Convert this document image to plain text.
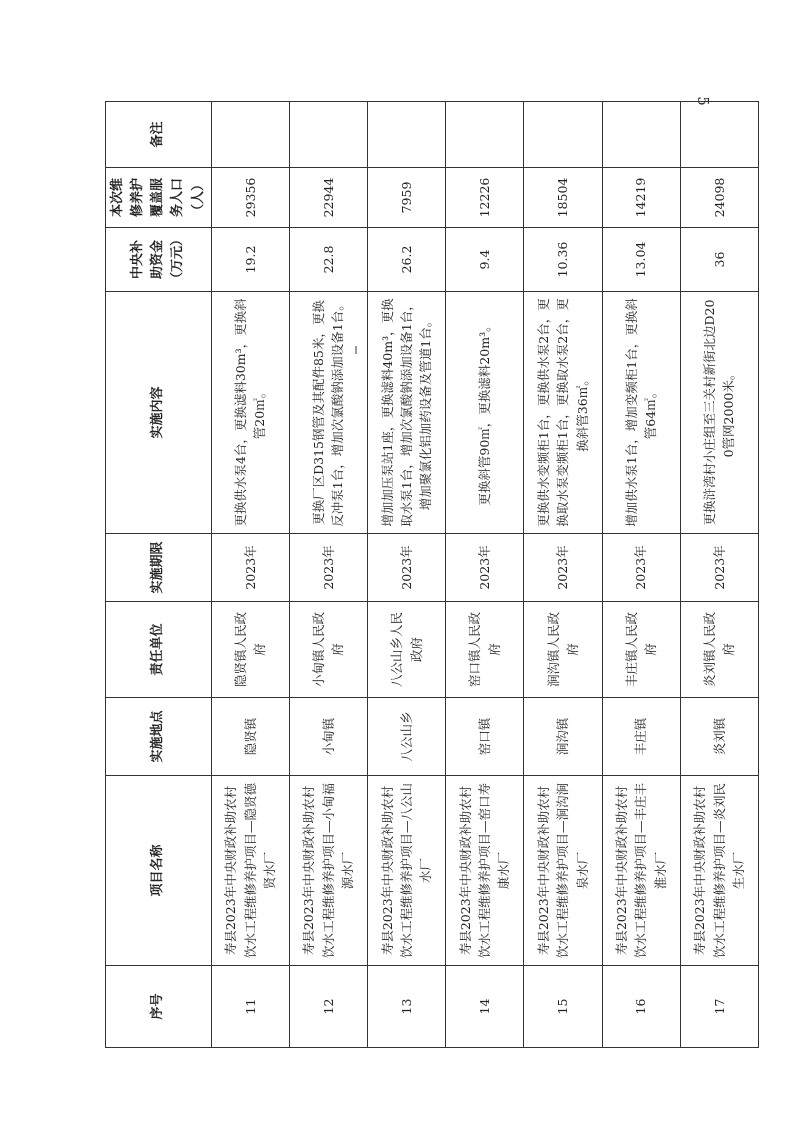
5
序号	项目名称	实施地点	责任单位	实施期限	实施内容	中央补助资金（万元）	本次维修养护覆盖服务人口（人）	备注
11	寿县2023年中央财政补助农村饮水工程维修养护项目—隐贤德贤水厂	隐贤镇	隐贤镇人民政府	2023年	更换供水泵4台，更换滤料30m³，更换斜管20㎡。	19.2	29356	
12	寿县2023年中央财政补助农村饮水工程维修养护项目—小甸福源水厂	小甸镇	小甸镇人民政府	2023年	更换厂区D315钢管及其配件85米，更换反冲泵1台，增加次氯酸钠添加设备1台。	22.8	22944	
13	寿县2023年中央财政补助农村饮水工程维修养护项目—八公山水厂	八公山乡	八公山乡人民政府	2023年	增加加压泵站1座，更换滤料40m³，更换取水泵1台，增加次氯酸钠添加设备1台，增加聚氯化铝加药设备及管道1台。	26.2	7959	
14	寿县2023年中央财政补助农村饮水工程维修养护项目—窑口寿康水厂	窑口镇	窑口镇人民政府	2023年	更换斜管90㎡，更换滤料20m³。	9.4	12226	
15	寿县2023年中央财政补助农村饮水工程维修养护项目—涧沟涧泉水厂	涧沟镇	涧沟镇人民政府	2023年	更换供水变频柜1台，更换供水泵2台，更换取水泵变频柜1台，更换取水泵2台，更换斜管36㎡。	10.36	18504	
16	寿县2023年中央财政补助农村饮水工程维修养护项目—丰庄丰淮水厂	丰庄镇	丰庄镇人民政府	2023年	增加供水泵1台，增加变频柜1台，更换斜管64㎡。	13.04	14219	
17	寿县2023年中央财政补助农村饮水工程维修养护项目—炎刘民生水厂	炎刘镇	炎刘镇人民政府	2023年	更换浒湾村小庄组至三关村新街北边D200管网2000米。	36	24098	
